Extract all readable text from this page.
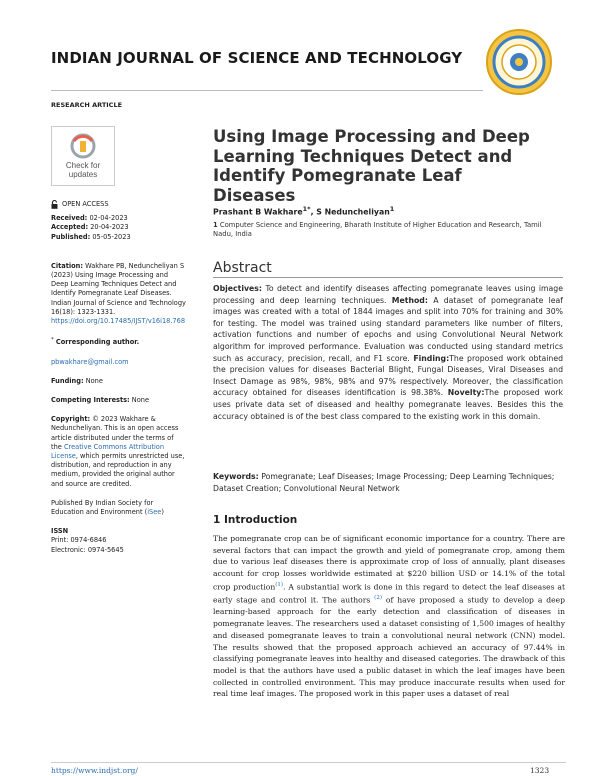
INDIAN JOURNAL OF SCIENCE AND TECHNOLOGY
RESEARCH ARTICLE
Check for
updates
OPEN ACCESS

Received: 02-04-2023

Accepted: 20-04-2023

Published: 05-05-2023

Citation: Wakhare PB, Neduncheliyan S (2023) Using Image Processing and Deep Learning Techniques Detect and Identify Pomegranate Leaf Diseases. Indian Journal of Science and Technology 16(18): 1323-1331. https://doi.org/10.17485/IJST/v16i18.768

* Corresponding author.

pbwakhare@gmail.com

Funding: None

Competing Interests: None

Copyright: © 2023 Wakhare & Neduncheliyan. This is an open access article distributed under the terms of the Creative Commons Attribution License, which permits unrestricted use, distribution, and reproduction in any medium, provided the original author and source are credited.

Published By Indian Society for Education and Environment (iSee)

ISSN

Print: 0974-6846

Electronic: 0974-5645

Using Image Processing and Deep Learning Techniques Detect and Identify Pomegranate Leaf Diseases
Prashant B Wakhare$^{1*}$, S Neduncheliyan$^1$
1 Computer Science and Engineering, Bharath Institute of Higher Education and Research, Tamil Nadu, India
Abstract
Objectives: To detect and identify diseases affecting pomegranate leaves using image processing and deep learning techniques. Method: A dataset of pomegranate leaf images was created with a total of 1844 images and split into 70% for training and 30% for testing. The model was trained using standard parameters like number of filters, activation functions and number of epochs and using Convolutional Neural Network algorithm for improved performance. Evaluation was conducted using standard metrics such as accuracy, precision, recall, and F1 score. Finding:The proposed work obtained the precision values for diseases Bacterial Blight, Fungal Diseases, Viral Diseases and Insect Damage as 98%, 98%, 98% and 97% respectively. Moreover, the classification accuracy obtained for diseases identification is 98.38%. Novelty:The proposed work uses private data set of diseased and healthy pomegranate leaves. Besides this the accuracy obtained is of the best class compared to the existing work in this domain.
Keywords: Pomegranate; Leaf Diseases; Image Processing; Deep Learning Techniques; Dataset Creation; Convolutional Neural Network
1 Introduction
The pomegranate crop can be of significant economic importance for a country. There are several factors that can impact the growth and yield of pomegranate crop, among them due to various leaf diseases there is approximate crop of loss of annually, plant diseases account for crop losses worldwide estimated at $220 billion USD or 14.1% of the total crop production$^{(1)}$. A substantial work is done in this regard to detect the leaf diseases at early stage and control it. The authors $^{(2)}$ of have proposed a study to develop a deep learning-based approach for the early detection and classification of diseases in pomegranate leaves. The researchers used a dataset consisting of 1,500 images of healthy and diseased pomegranate leaves to train a convolutional neural network (CNN) model. The results showed that the proposed approach achieved an accuracy of 97.44% in classifying pomegranate leaves into healthy and diseased categories. The drawback of this model is that the authors have used a public dataset in which the leaf images have been collected in controlled environment. This may produce inaccurate results when used for real time leaf images. The proposed work in this paper uses a dataset of real
https://www.indjst.org/	1323
